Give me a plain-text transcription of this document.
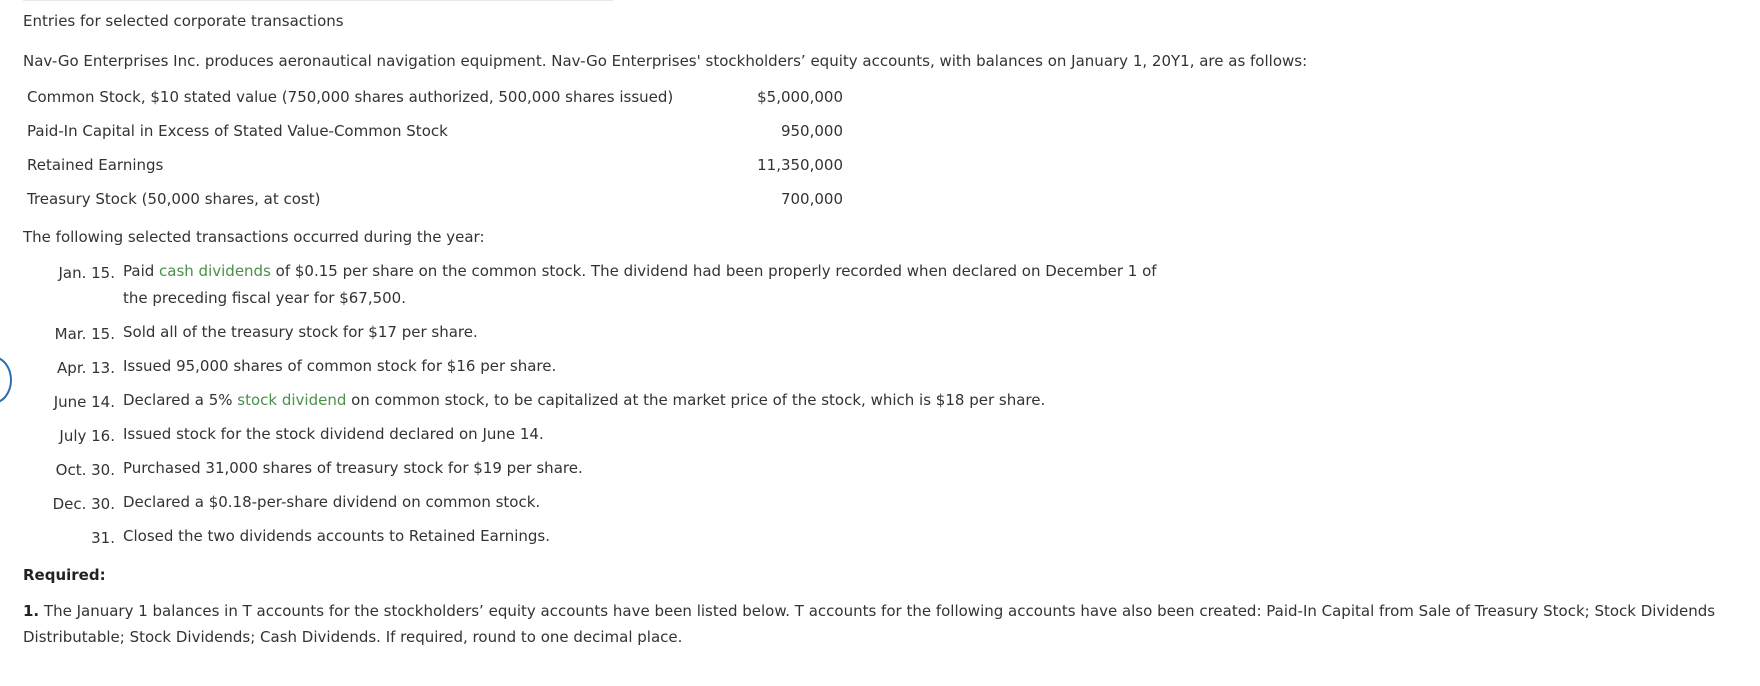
Entries for selected corporate transactions
Nav-Go Enterprises Inc. produces aeronautical navigation equipment. Nav-Go Enterprises' stockholders’ equity accounts, with balances on January 1, 20Y1, are as follows:
Common Stock, $10 stated value (750,000 shares authorized, 500,000 shares issued)	$5,000,000
Paid-In Capital in Excess of Stated Value-Common Stock	950,000
Retained Earnings	11,350,000
Treasury Stock (50,000 shares, at cost)	700,000
The following selected transactions occurred during the year:
Jan. 15. Paid cash dividends of $0.15 per share on the common stock. The dividend had been properly recorded when declared on December 1 of the preceding fiscal year for $67,500.
Mar. 15. Sold all of the treasury stock for $17 per share.
Apr. 13. Issued 95,000 shares of common stock for $16 per share.
June 14. Declared a 5% stock dividend on common stock, to be capitalized at the market price of the stock, which is $18 per share.
July 16. Issued stock for the stock dividend declared on June 14.
Oct. 30. Purchased 31,000 shares of treasury stock for $19 per share.
Dec. 30. Declared a $0.18-per-share dividend on common stock.
31. Closed the two dividends accounts to Retained Earnings.
Required:
1. The January 1 balances in T accounts for the stockholders’ equity accounts have been listed below. T accounts for the following accounts have also been created: Paid-In Capital from Sale of Treasury Stock; Stock Dividends Distributable; Stock Dividends; Cash Dividends. If required, round to one decimal place.
